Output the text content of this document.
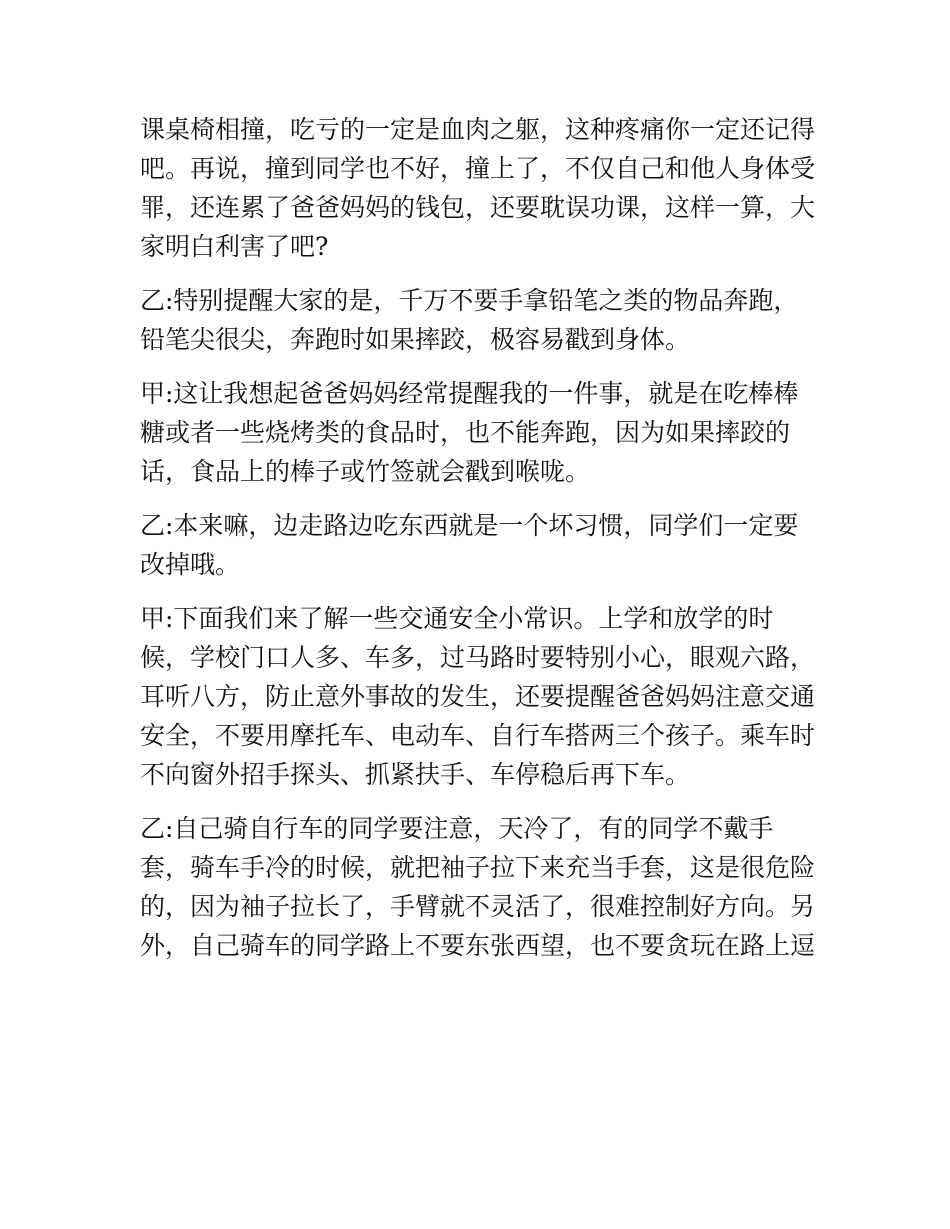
课桌椅相撞，吃亏的一定是血肉之躯，这种疼痛你一定还记得
吧。再说，撞到同学也不好，撞上了，不仅自己和他人身体受
罪，还连累了爸爸妈妈的钱包，还要耽误功课，这样一算，大
家明白利害了吧?
乙:特别提醒大家的是，千万不要手拿铅笔之类的物品奔跑，
铅笔尖很尖，奔跑时如果摔跤，极容易戳到身体。
甲:这让我想起爸爸妈妈经常提醒我的一件事，就是在吃棒棒
糖或者一些烧烤类的食品时，也不能奔跑，因为如果摔跤的
话，食品上的棒子或竹签就会戳到喉咙。
乙:本来嘛，边走路边吃东西就是一个坏习惯，同学们一定要
改掉哦。
甲:下面我们来了解一些交通安全小常识。上学和放学的时
候，学校门口人多、车多，过马路时要特别小心，眼观六路，
耳听八方，防止意外事故的发生，还要提醒爸爸妈妈注意交通
安全，不要用摩托车、电动车、自行车搭两三个孩子。乘车时
不向窗外招手探头、抓紧扶手、车停稳后再下车。
乙:自己骑自行车的同学要注意，天冷了，有的同学不戴手
套，骑车手冷的时候，就把袖子拉下来充当手套，这是很危险
的，因为袖子拉长了，手臂就不灵活了，很难控制好方向。另
外，自己骑车的同学路上不要东张西望，也不要贪玩在路上逗
